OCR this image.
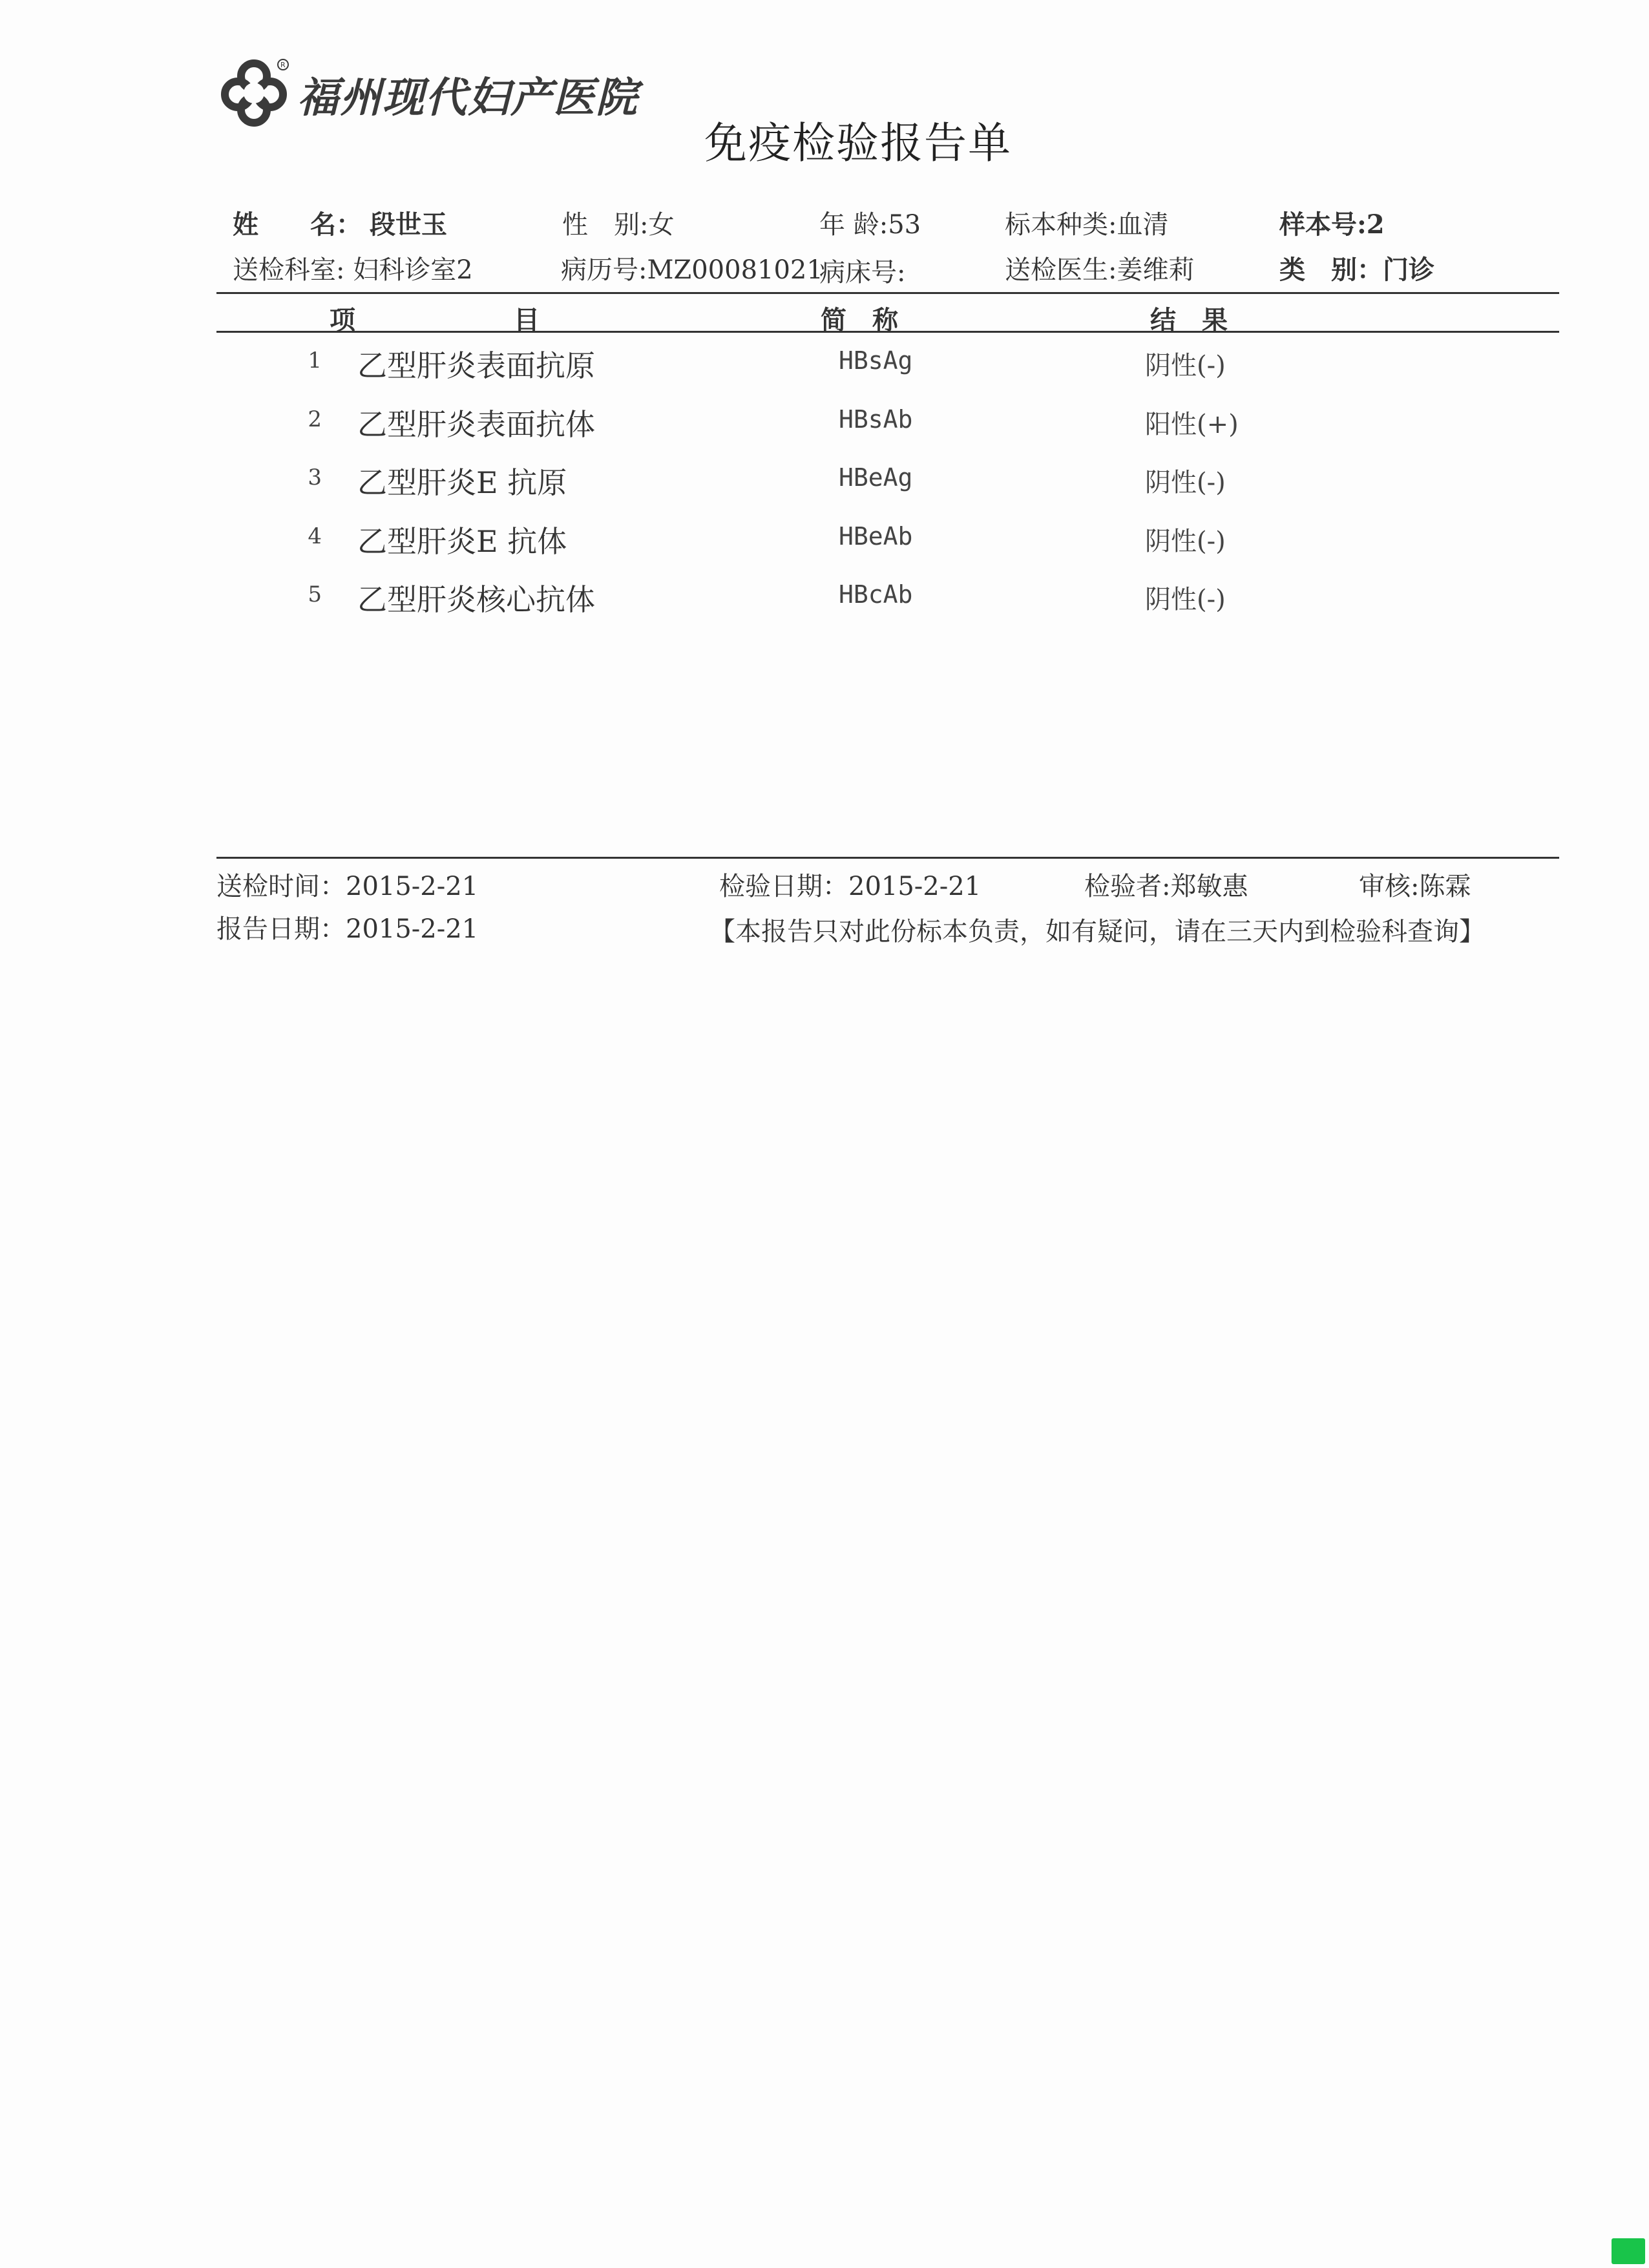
R
福州现代妇产医院
免疫检验报告单
姓　　名： 段世玉	性　别:女	年 龄:53	标本种类:血清	样本号:2
送检科室: 妇科诊室2	病历号:MZ00081021
病床号:	送检医生:姜维莉	类　别：门诊
项	目	简　称	结　果
1 乙型肝炎表面抗原	HBsAg	阴性(-)
2 乙型肝炎表面抗体	HBsAb	阳性(+)
3 乙型肝炎E 抗原	HBeAg	阴性(-)
4 乙型肝炎E 抗体	HBeAb	阴性(-)
5 乙型肝炎核心抗体	HBcAb	阴性(-)
送检时间：2015-2-21
报告日期：2015-2-21
检验日期：2015-2-21	检验者:郑敏惠	审核:陈霖
【本报告只对此份标本负责，如有疑问，请在三天内到检验科查询】
